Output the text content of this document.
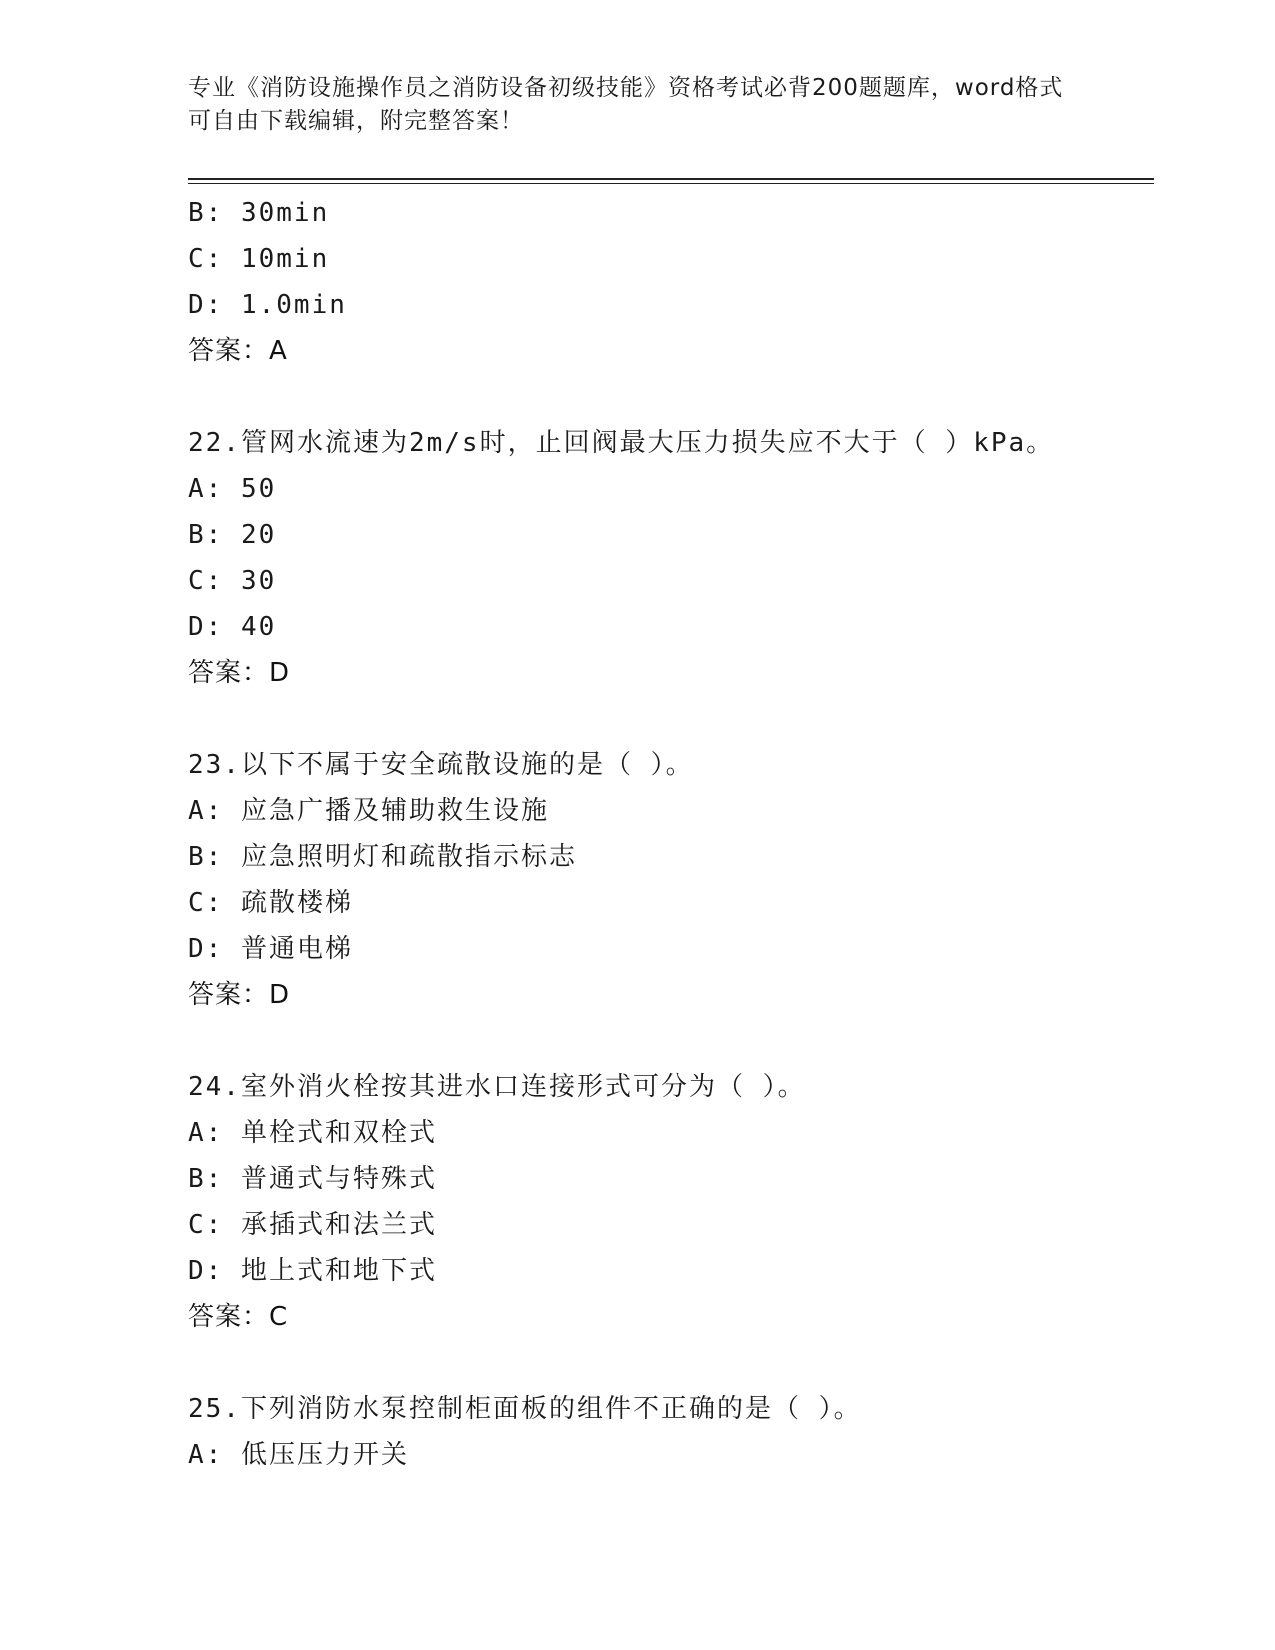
专业《消防设施操作员之消防设备初级技能》资格考试必背200题题库，word格式可自由下载编辑，附完整答案！
B: 30min
C: 10min
D: 1.0min
答案：A
22.管网水流速为2m/s时，止回阀最大压力损失应不大于（ ）kPa。
A: 50
B: 20
C: 30
D: 40
答案：D
23.以下不属于安全疏散设施的是（ ）。
A: 应急广播及辅助救生设施
B: 应急照明灯和疏散指示标志
C: 疏散楼梯
D: 普通电梯
答案：D
24.室外消火栓按其进水口连接形式可分为（ ）。
A: 单栓式和双栓式
B: 普通式与特殊式
C: 承插式和法兰式
D: 地上式和地下式
答案：C
25.下列消防水泵控制柜面板的组件不正确的是（ ）。
A: 低压压力开关
